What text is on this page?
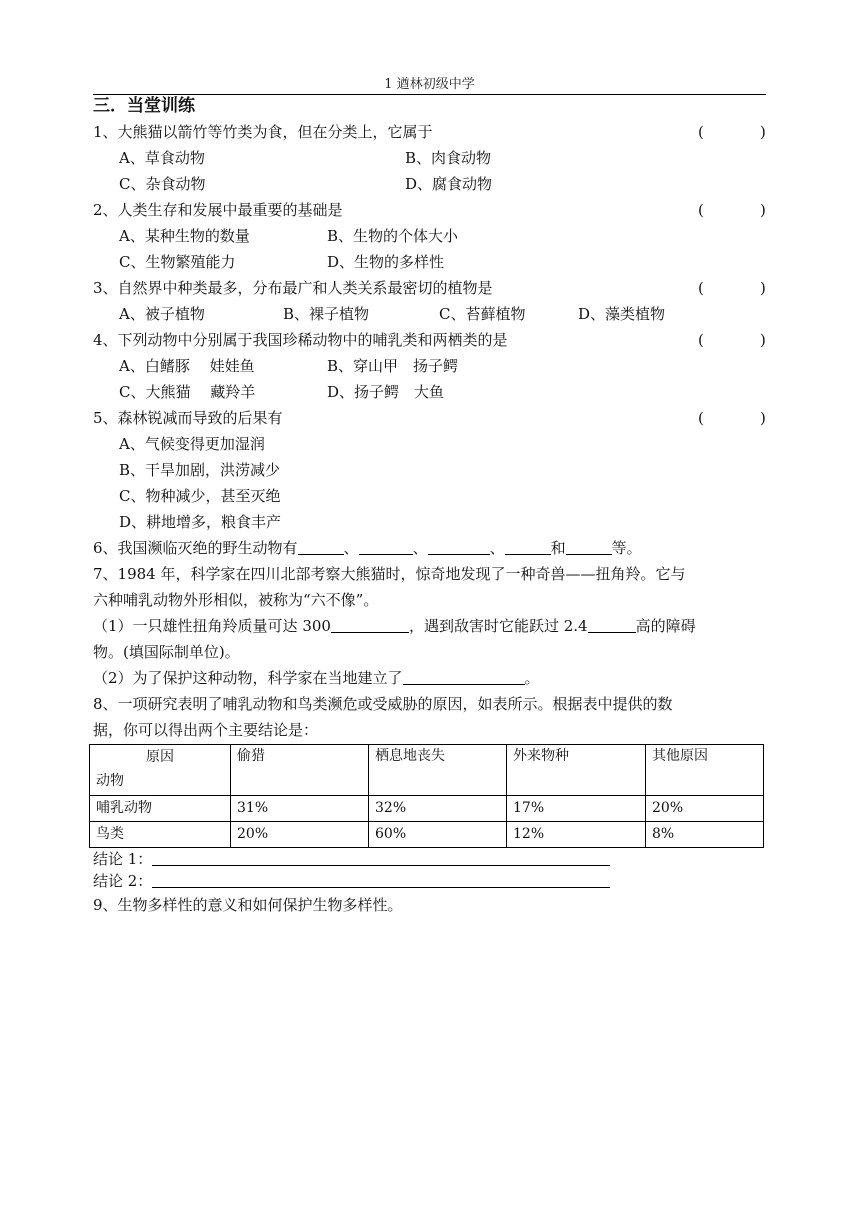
1 遒林初级中学
三．当堂训练
1、大熊猫以箭竹等竹类为食，但在分类上，它属于	(	)
A、草食动物	B、肉食动物
C、杂食动物	D、腐食动物
2、人类生存和发展中最重要的基础是	(	)
A、某种生物的数量	B、生物的个体大小
C、生物繁殖能力	D、生物的多样性
3、自然界中种类最多，分布最广和人类关系最密切的植物是	(	)
A、被子植物	B、裸子植物	C、苔藓植物	D、藻类植物
4、下列动物中分别属于我国珍稀动物中的哺乳类和两栖类的是	(	)
A、白鳍豚　 娃娃鱼	B、穿山甲　扬子鳄
C、大熊猫　 藏羚羊	D、扬子鳄　大鱼
5、森林锐减而导致的后果有	(	)
A、气候变得更加湿润
B、干旱加剧，洪涝减少
C、物种减少，甚至灭绝
D、耕地增多，粮食丰产
6、我国濒临灭绝的野生动物有	、	、	、	和	等。
7、1984 年，科学家在四川北部考察大熊猫时，惊奇地发现了一种奇兽——扭角羚。它与
六种哺乳动物外形相似，被称为“六不像”。
（1）一只雄性扭角羚质量可达 300	，遇到敌害时它能跃过 2.4	高的障碍
物。(填国际制单位)。
（2）为了保护这种动物，科学家在当地建立了	。
8、一项研究表明了哺乳动物和鸟类濒危或受威胁的原因，如表所示。根据表中提供的数
据，你可以得出两个主要结论是：
原因
动物	偷猎	栖息地丧失	外来物种	其他原因
哺乳动物	31%	32%	17%	20%
鸟类	20%	60%	12%	8%
结论 1：
结论 2：
9、生物多样性的意义和如何保护生物多样性。
